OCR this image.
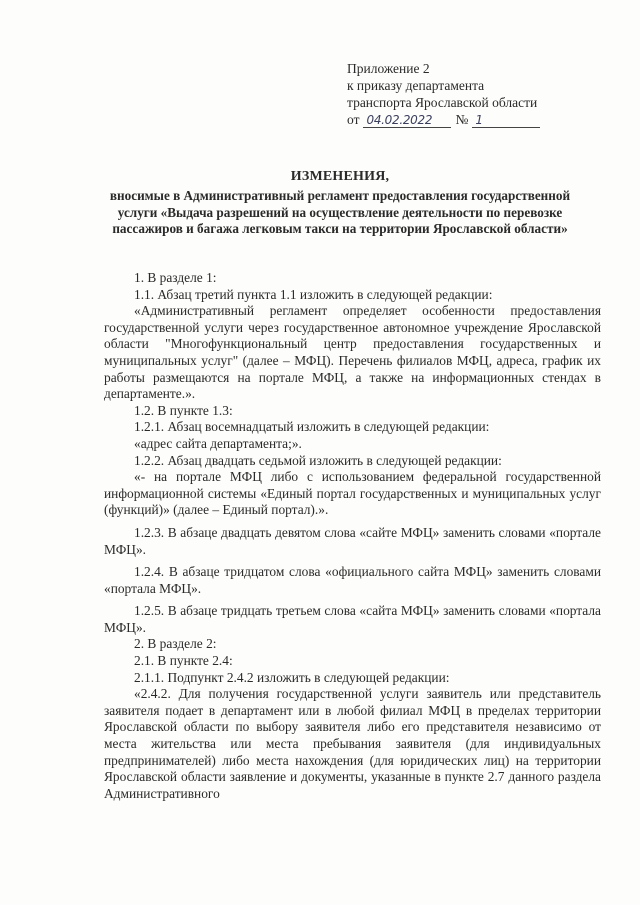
Приложение 2
к приказу департамента
транспорта Ярославской области
от 04.02.2022	№ 1
ИЗМЕНЕНИЯ,
вносимые в Административный регламент предоставления государственной услуги «Выдача разрешений на осуществление деятельности по перевозке пассажиров и багажа легковым такси на территории Ярославской области»

1. В разделе 1:

1.1. Абзац третий пункта 1.1 изложить в следующей редакции:

«Административный регламент определяет особенности предоставления государственной услуги через государственное автономное учреждение Ярославской области "Многофункциональный центр предоставления государственных и муниципальных услуг" (далее – МФЦ). Перечень филиалов МФЦ, адреса, график их работы размещаются на портале МФЦ, а также на информационных стендах в департаменте.».

1.2. В пункте 1.3:

1.2.1. Абзац восемнадцатый изложить в следующей редакции:

«адрес сайта департамента;».

1.2.2. Абзац двадцать седьмой изложить в следующей редакции:

«- на портале МФЦ либо с использованием федеральной государственной информационной системы «Единый портал государственных и муниципальных услуг (функций)» (далее – Единый портал).».

1.2.3. В абзаце двадцать девятом слова «сайте МФЦ» заменить словами «портале МФЦ».

1.2.4. В абзаце тридцатом слова «официального сайта МФЦ» заменить словами «портала МФЦ».

1.2.5. В абзаце тридцать третьем слова «сайта МФЦ» заменить словами «портала МФЦ».

2. В разделе 2:

2.1. В пункте 2.4:

2.1.1. Подпункт 2.4.2 изложить в следующей редакции:

«2.4.2. Для получения государственной услуги заявитель или представитель заявителя подает в департамент или в любой филиал МФЦ в пределах территории Ярославской области по выбору заявителя либо его представителя независимо от места жительства или места пребывания заявителя (для индивидуальных предпринимателей) либо места нахождения (для юридических лиц) на территории Ярославской области заявление и документы, указанные в пункте 2.7 данного раздела Административного
